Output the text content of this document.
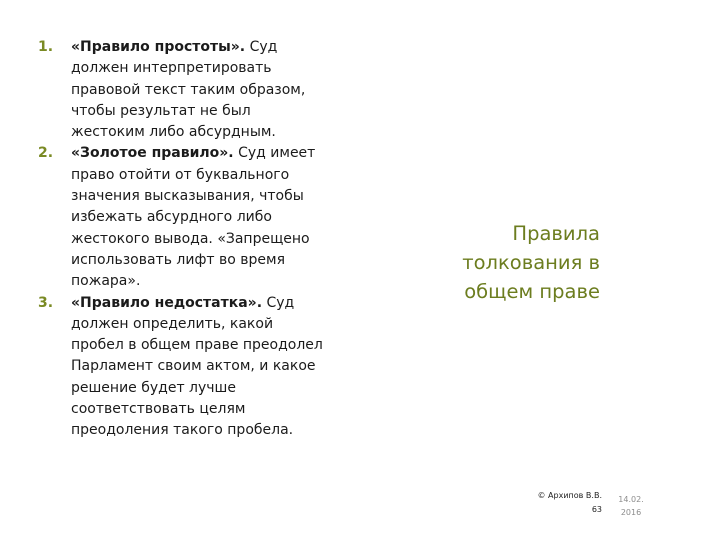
1. «Правило простоты». Суд должен интерпретировать правовой текст таким образом, чтобы результат не был жестоким либо абсурдным.
2. «Золотое правило». Суд имеет право отойти от буквального значения высказывания, чтобы избежать абсурдного либо жестокого вывода. «Запрещено использовать лифт во время пожара».
3. «Правило недостатка». Суд должен определить, какой пробел в общем праве преодолел Парламент своим актом, и какое решение будет лучше соответствовать целям преодоления такого пробела.
Правила толкования в общем праве
© Архипов В.В.
63
14.02.
2016
